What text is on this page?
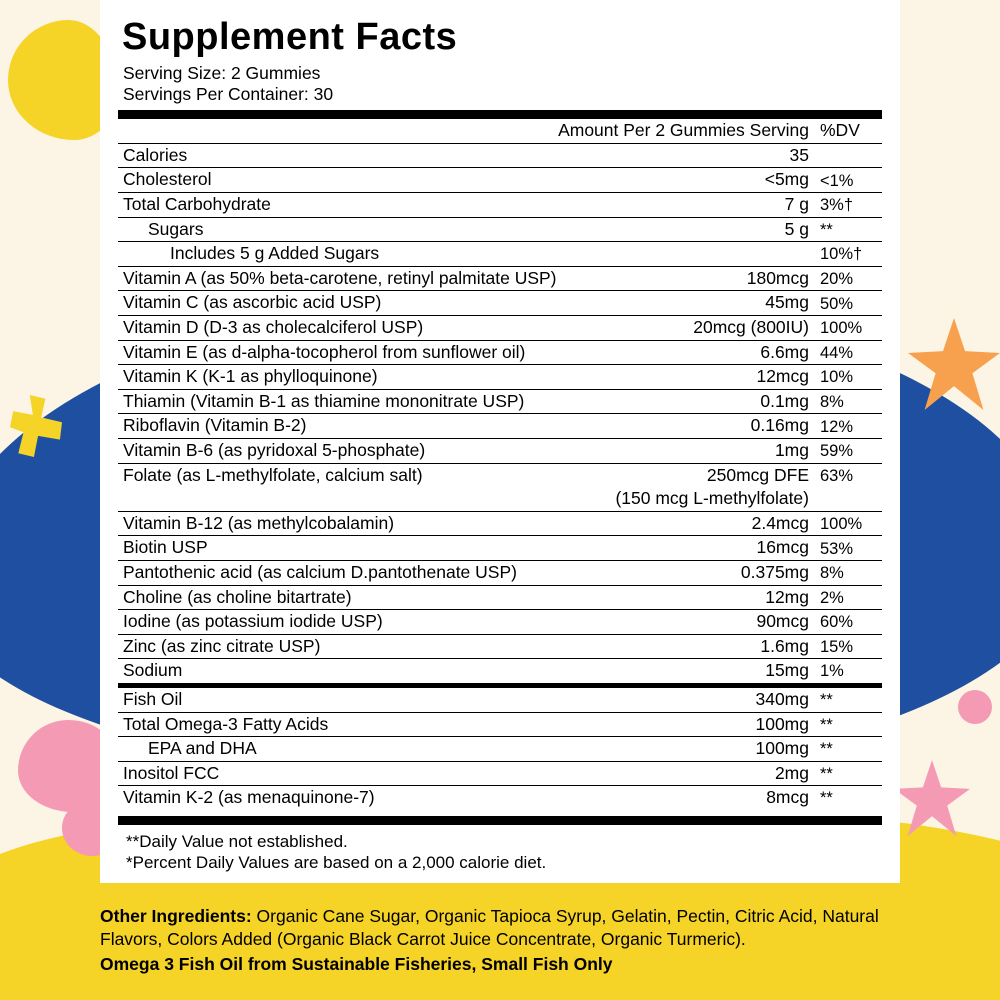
Supplement Facts
Serving Size: 2 Gummies
Servings Per Container: 30
	Amount Per 2 Gummies Serving	%DV
Calories	35	
Cholesterol	<5mg	<1%
Total Carbohydrate	7 g	3%†
Sugars	5 g	**
Includes 5 g Added Sugars		10%†
Vitamin A (as 50% beta-carotene, retinyl palmitate USP)	180mcg	20%
Vitamin C (as ascorbic acid USP)	45mg	50%
Vitamin D (D-3 as cholecalciferol USP)	20mcg (800IU)	100%
Vitamin E (as d-alpha-tocopherol from sunflower oil)	6.6mg	44%
Vitamin K (K-1 as phylloquinone)	12mcg	10%
Thiamin (Vitamin B-1 as thiamine mononitrate USP)	0.1mg	8%
Riboflavin (Vitamin B-2)	0.16mg	12%
Vitamin B-6 (as pyridoxal 5-phosphate)	1mg	59%
Folate (as L-methylfolate, calcium salt)	250mcg DFE	63%
	(150 mcg L-methylfolate)	
Vitamin B-12 (as methylcobalamin)	2.4mcg	100%
Biotin USP	16mcg	53%
Pantothenic acid (as calcium D.pantothenate USP)	0.375mg	8%
Choline (as choline bitartrate)	12mg	2%
Iodine (as potassium iodide USP)	90mcg	60%
Zinc (as zinc citrate USP)	1.6mg	15%
Sodium	15mg	1%
Fish Oil	340mg	**
Total Omega-3 Fatty Acids	100mg	**
EPA and DHA	100mg	**
Inositol FCC	2mg	**
Vitamin K-2 (as menaquinone-7)	8mcg	**
**Daily Value not established.
*Percent Daily Values are based on a 2,000 calorie diet.
Other Ingredients: Organic Cane Sugar, Organic Tapioca Syrup, Gelatin, Pectin, Citric Acid, Natural Flavors, Colors Added (Organic Black Carrot Juice Concentrate, Organic Turmeric).
Omega 3 Fish Oil from Sustainable Fisheries, Small Fish Only
